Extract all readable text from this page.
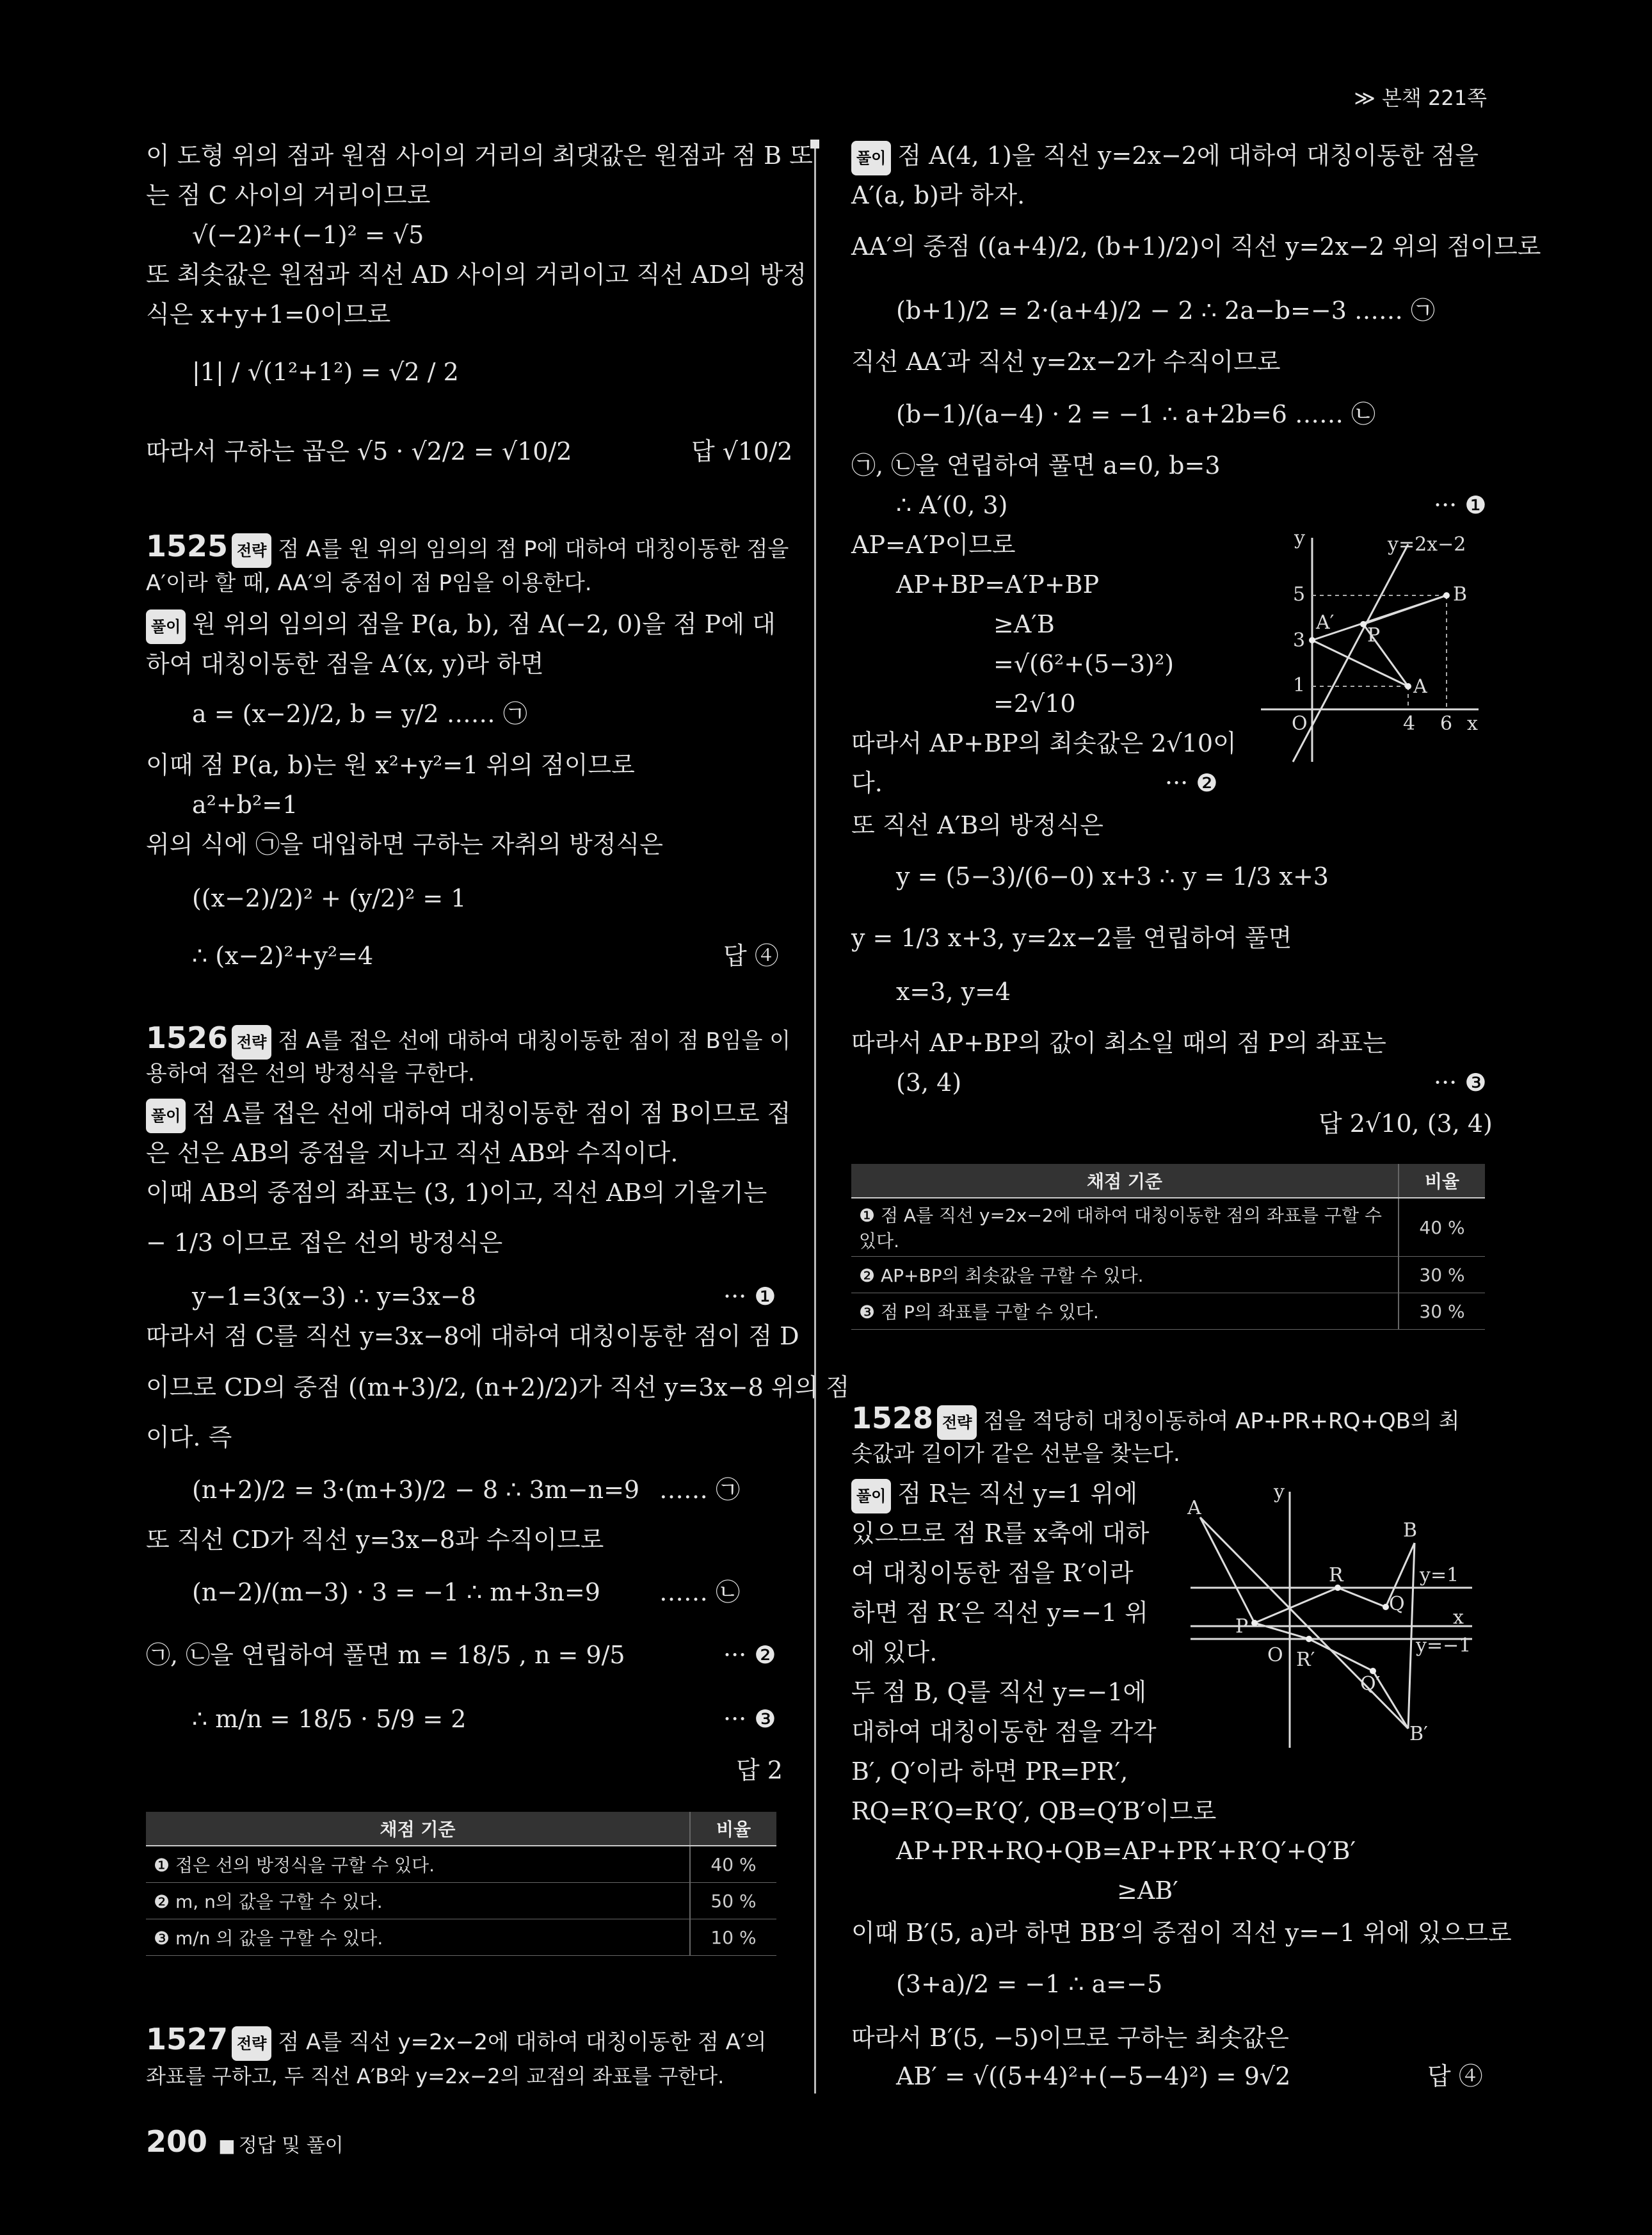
≫ 본책 221쪽
이 도형 위의 점과 원점 사이의 거리의 최댓값은 원점과 점 B 또
는 점 C 사이의 거리이므로
√(−2)²+(−1)² = √5
또 최솟값은 원점과 직선 AD 사이의 거리이고 직선 AD의 방정
식은 x+y+1=0이므로
|1| / √(1²+1²) = √2 / 2
따라서 구하는 곱은 √5 · √2/2 = √10/2	답 √10/2
1525 전략 점 A를 원 위의 임의의 점 P에 대하여 대칭이동한 점을
A′이라 할 때, AA′의 중점이 점 P임을 이용한다.
풀이 원 위의 임의의 점을 P(a, b), 점 A(−2, 0)을 점 P에 대
하여 대칭이동한 점을 A′(x, y)라 하면
a = (x−2)/2, b = y/2 …… ㉠
이때 점 P(a, b)는 원 x²+y²=1 위의 점이므로
a²+b²=1
위의 식에 ㉠을 대입하면 구하는 자취의 방정식은
((x−2)/2)² + (y/2)² = 1
∴ (x−2)²+y²=4	답 ④
1526 전략 점 A를 접은 선에 대하여 대칭이동한 점이 점 B임을 이
용하여 접은 선의 방정식을 구한다.
풀이 점 A를 접은 선에 대하여 대칭이동한 점이 점 B이므로 접
은 선은 AB의 중점을 지나고 직선 AB와 수직이다.
이때 AB의 중점의 좌표는 (3, 1)이고, 직선 AB의 기울기는
− 1/3 이므로 접은 선의 방정식은
y−1=3(x−3) ∴ y=3x−8	··· ❶
따라서 점 C를 직선 y=3x−8에 대하여 대칭이동한 점이 점 D
이므로 CD의 중점 ((m+3)/2, (n+2)/2)가 직선 y=3x−8 위의 점
이다. 즉
(n+2)/2 = 3·(m+3)/2 − 8 ∴ 3m−n=9 …… ㉠
또 직선 CD가 직선 y=3x−8과 수직이므로
(n−2)/(m−3) · 3 = −1 ∴ m+3n=9 …… ㉡
㉠, ㉡을 연립하여 풀면 m = 18/5 , n = 9/5	··· ❷
∴ m/n = 18/5 · 5/9 = 2	··· ❸
답 2
채점 기준	비율
❶ 접은 선의 방정식을 구할 수 있다.	40 %
❷ m, n의 값을 구할 수 있다.	50 %
❸ m/n 의 값을 구할 수 있다.	10 %
1527 전략 점 A를 직선 y=2x−2에 대하여 대칭이동한 점 A′의
좌표를 구하고, 두 직선 A′B와 y=2x−2의 교점의 좌표를 구한다.
풀이 점 A(4, 1)을 직선 y=2x−2에 대하여 대칭이동한 점을
A′(a, b)라 하자.
AA′의 중점 ((a+4)/2, (b+1)/2)이 직선 y=2x−2 위의 점이므로
(b+1)/2 = 2·(a+4)/2 − 2 ∴ 2a−b=−3 …… ㉠
직선 AA′과 직선 y=2x−2가 수직이므로
(b−1)/(a−4) · 2 = −1 ∴ a+2b=6 …… ㉡
㉠, ㉡을 연립하여 풀면 a=0, b=3
∴ A′(0, 3)	··· ❶
AP=A′P이므로
AP+BP=A′P+BP
≥A′B
=√(6²+(5−3)²)
=2√10
따라서 AP+BP의 최솟값은 2√10이
다.	··· ❷
또 직선 A′B의 방정식은
y = (5−3)/(6−0) x+3 ∴ y = 1/3 x+3
y = 1/3 x+3, y=2x−2를 연립하여 풀면
x=3, y=4
따라서 AP+BP의 값이 최소일 때의 점 P의 좌표는
(3, 4)	··· ❸
답 2√10, (3, 4)
y	y=2x−2
B
5
A′
3	P
1	A
O	4 6 x
채점 기준	비율
❶ 점 A를 직선 y=2x−2에 대하여 대칭이동한 점의 좌표를 구할 수 있다.	40 %
❷ AP+BP의 최솟값을 구할 수 있다.	30 %
❸ 점 P의 좌표를 구할 수 있다.	30 %
1528 전략 점을 적당히 대칭이동하여 AP+PR+RQ+QB의 최
솟값과 길이가 같은 선분을 찾는다.
풀이 점 R는 직선 y=1 위에
있으므로 점 R를 x축에 대하
여 대칭이동한 점을 R′이라
하면 점 R′은 직선 y=−1 위
에 있다.
두 점 B, Q를 직선 y=−1에
대하여 대칭이동한 점을 각각
B′, Q′이라 하면 PR=PR′,
RQ=R′Q=R′Q′, QB=Q′B′이므로
AP+PR+RQ+QB=AP+PR′+R′Q′+Q′B′
≥AB′
이때 B′(5, a)라 하면 BB′의 중점이 직선 y=−1 위에 있으므로
(3+a)/2 = −1 ∴ a=−5
따라서 B′(5, −5)이므로 구하는 최솟값은
AB′ = √((5+4)²+(−5−4)²) = 9√2	답 ④
y
A
B
R	y=1
P
Q
x
O R′
y=−1
Q′
B′
200 ■ 정답 및 풀이
